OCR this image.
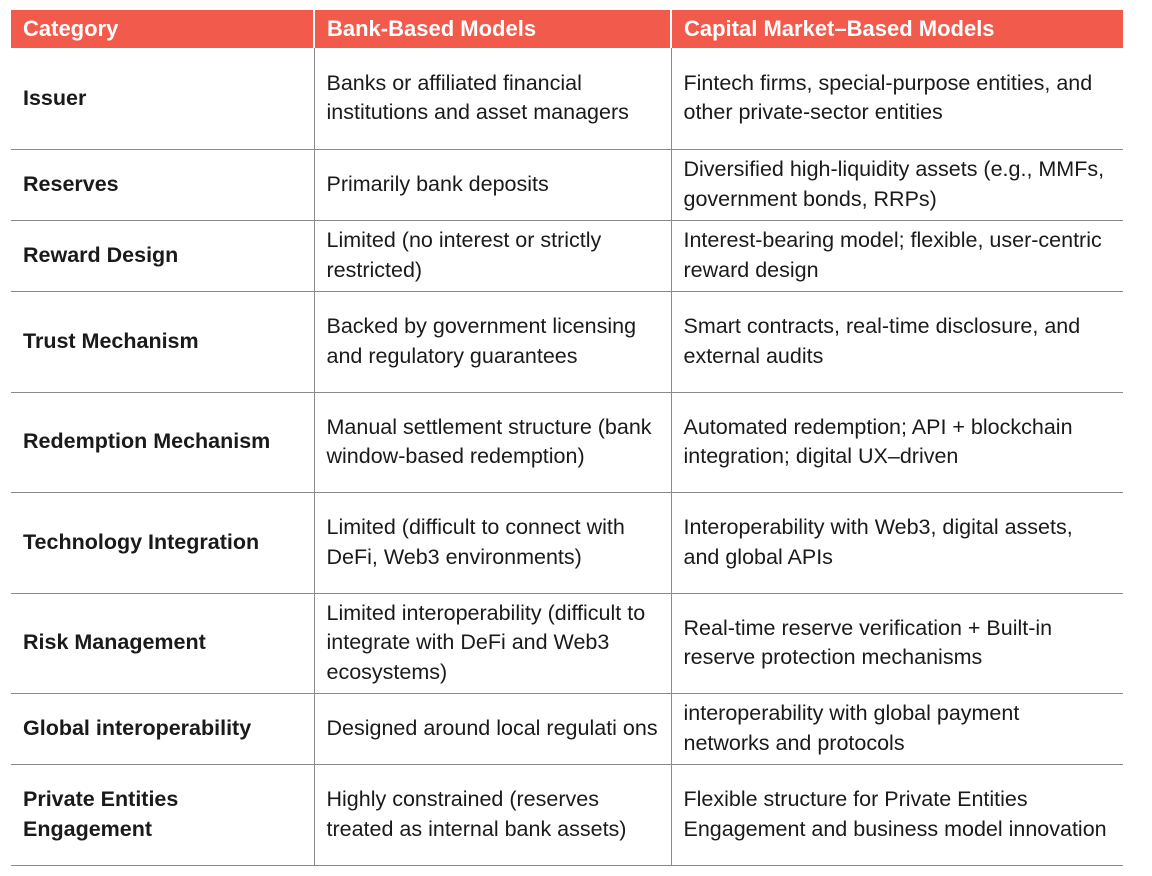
Category	Bank-Based Models	Capital Market–Based Models
Issuer	Banks or affiliated financial institutions and asset managers	Fintech firms, special-purpose entities, and other private-sector entities
Reserves	Primarily bank deposits	Diversified high-liquidity assets (e.g., MMFs, government bonds, RRPs)
Reward Design	Limited (no interest or strictly restricted)	Interest-bearing model; flexible, user-centric reward design
Trust Mechanism	Backed by government licensing and regulatory guarantees	Smart contracts, real-time disclosure, and external audits
Redemption Mechanism	Manual settlement structure (bank window-based redemption)	Automated redemption; API + blockchain integration; digital UX–driven
Technology Integration	Limited (difficult to connect with DeFi, Web3 environments)	Interoperability with Web3, digital assets, and global APIs
Risk Management	Limited interoperability (difficult to integrate with DeFi and Web3 ecosystems)	Real-time reserve verification + Built-in reserve protection mechanisms
Global interoperability	Designed around local regulati ons	interoperability with global payment networks and protocols
Private Entities Engagement	Highly constrained (reserves treated as internal bank assets)	Flexible structure for Private Entities Engagement and business model innovation
